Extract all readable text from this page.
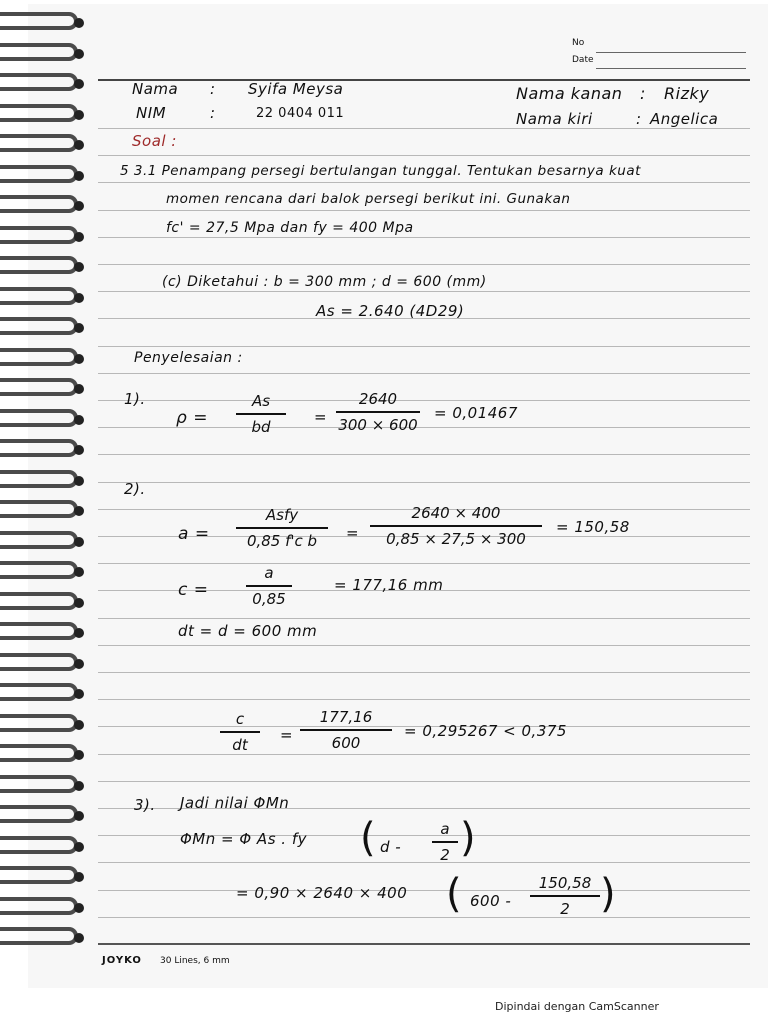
No
Date
Nama : Syifa Meysa
NIM	:	22 0404 011
Nama kanan : Rizky
Nama kiri	: Angelica
Soal :
5 3.1 Penampang persegi bertulangan tunggal. Tentukan besarnya kuat
momen rencana dari balok persegi berikut ini. Gunakan
fc' = 27,5 Mpa dan fy = 400 Mpa
(c) Diketahui : b = 300 mm ; d = 600 (mm)
As = 2.640 (4D29)
Penyelesaian :
1).
ρ =
As
bd
=
2640
300 × 600
= 0,01467
2).
a =
Asfy
0,85 f'c b	=
2640 × 400
0,85 × 27,5 × 300
= 150,58
c =
a
0,85
= 177,16 mm
dt = d = 600 mm
c
dt
=
177,16
600
= 0,295267 < 0,375
3). Jadi nilai ΦMn
ΦMn = Φ As . fy ( d -
a
2 )
= 0,90 × 2640 × 400 ( 600 -
150,58
2 )
JOYKO 30 Lines, 6 mm
Dipindai dengan CamScanner
